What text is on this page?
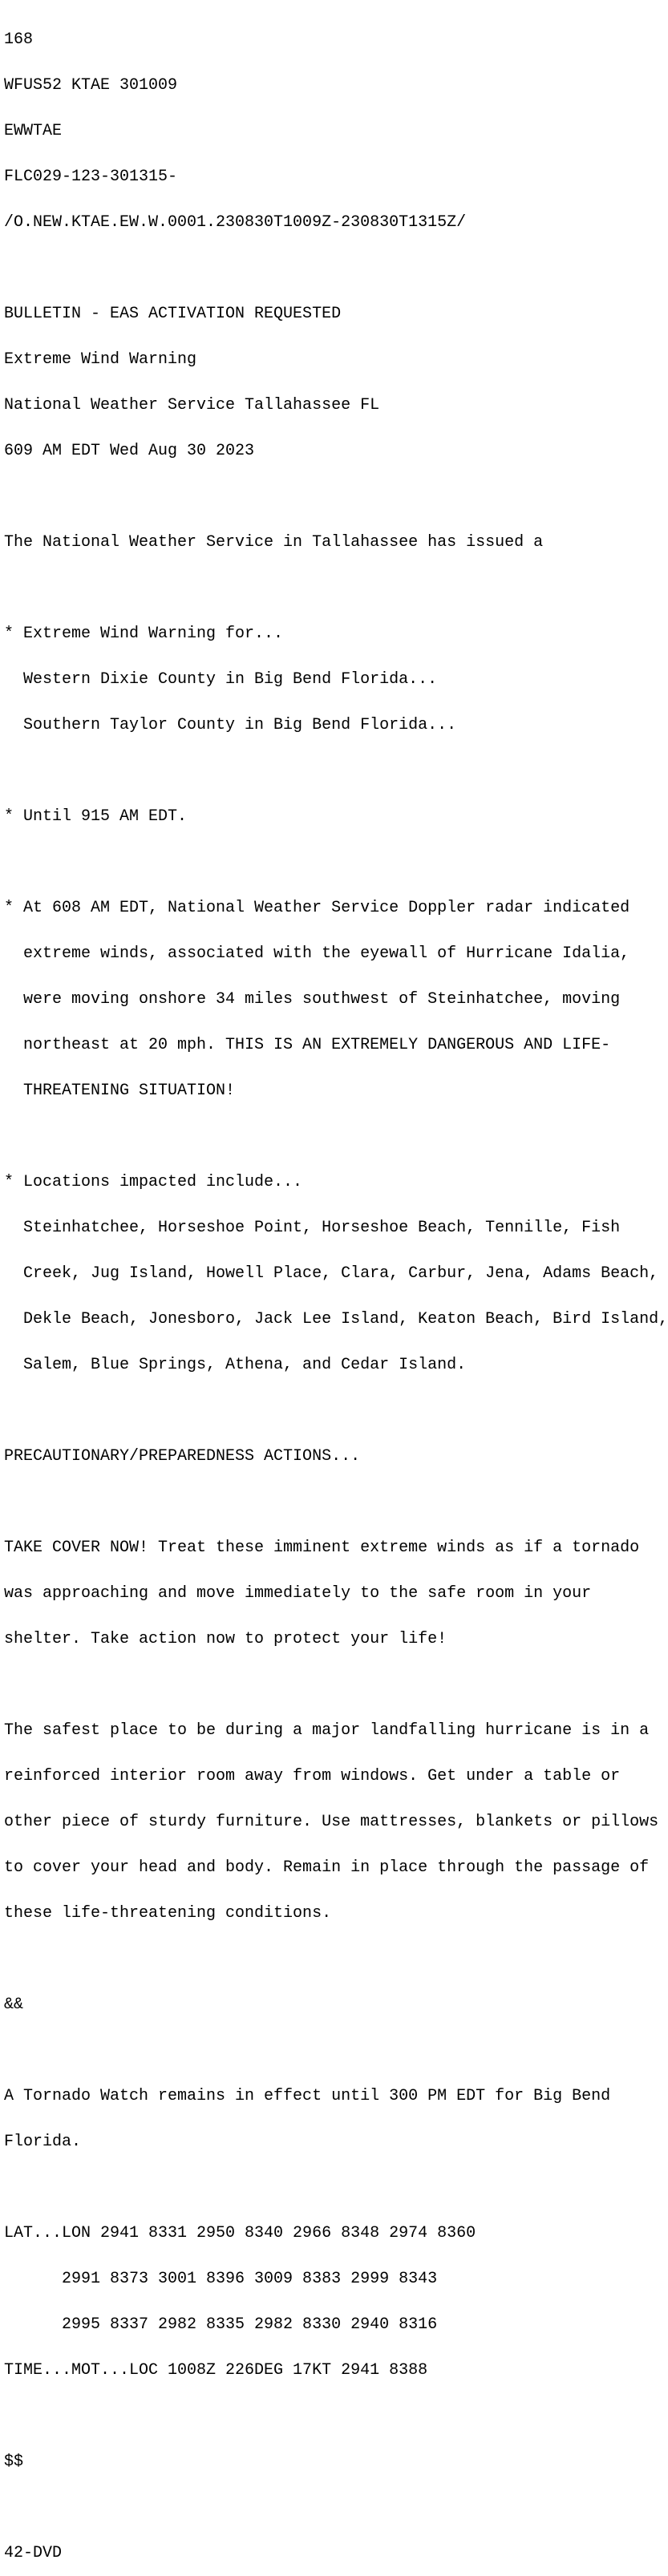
168

WFUS52 KTAE 301009

EWWTAE

FLC029-123-301315-

/O.NEW.KTAE.EW.W.0001.230830T1009Z-230830T1315Z/

BULLETIN - EAS ACTIVATION REQUESTED

Extreme Wind Warning

National Weather Service Tallahassee FL

609 AM EDT Wed Aug 30 2023

The National Weather Service in Tallahassee has issued a

* Extreme Wind Warning for...

Western Dixie County in Big Bend Florida...

Southern Taylor County in Big Bend Florida...

* Until 915 AM EDT.

* At 608 AM EDT, National Weather Service Doppler radar indicated

extreme winds, associated with the eyewall of Hurricane Idalia,

were moving onshore 34 miles southwest of Steinhatchee, moving

northeast at 20 mph. THIS IS AN EXTREMELY DANGEROUS AND LIFE-

THREATENING SITUATION!

* Locations impacted include...

Steinhatchee, Horseshoe Point, Horseshoe Beach, Tennille, Fish

Creek, Jug Island, Howell Place, Clara, Carbur, Jena, Adams Beach,

Dekle Beach, Jonesboro, Jack Lee Island, Keaton Beach, Bird Island,

Salem, Blue Springs, Athena, and Cedar Island.

PRECAUTIONARY/PREPAREDNESS ACTIONS...

TAKE COVER NOW! Treat these imminent extreme winds as if a tornado

was approaching and move immediately to the safe room in your

shelter. Take action now to protect your life!

The safest place to be during a major landfalling hurricane is in a

reinforced interior room away from windows. Get under a table or

other piece of sturdy furniture. Use mattresses, blankets or pillows

to cover your head and body. Remain in place through the passage of

these life-threatening conditions.

&&

A Tornado Watch remains in effect until 300 PM EDT for Big Bend

Florida.

LAT...LON 2941 8331 2950 8340 2966 8348 2974 8360

2991 8373 3001 8396 3009 8383 2999 8343

2995 8337 2982 8335 2982 8330 2940 8316

TIME...MOT...LOC 1008Z 226DEG 17KT 2941 8388

$$

42-DVD
